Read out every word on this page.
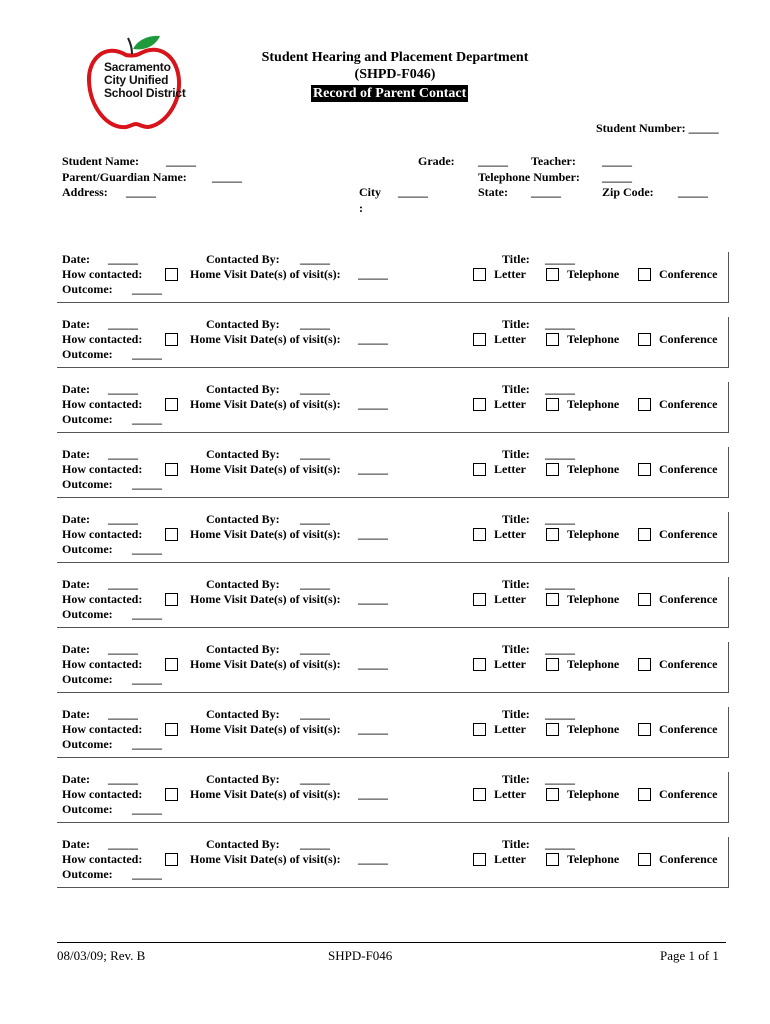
Sacramento
City Unified
School District
Student Hearing and Placement Department
(SHPD-F046)
Record of Parent Contact
Student Number: _____
Student Name: _____
Parent/Guardian Name: _____
Address: _____
Grade: _____ Teacher: _____
Telephone Number: _____
City
:
_____	State: _____	Zip Code: _____
Date: _____	Contacted By: _____	Title: _____
How contacted:	Home Visit Date(s) of visit(s): _____	Letter	Telephone	Conference
Outcome: _____
Date: _____	Contacted By: _____	Title: _____
How contacted:	Home Visit Date(s) of visit(s): _____	Letter	Telephone	Conference
Outcome: _____
Date: _____	Contacted By: _____	Title: _____
How contacted:	Home Visit Date(s) of visit(s): _____	Letter	Telephone	Conference
Outcome: _____
Date: _____	Contacted By: _____	Title: _____
How contacted:	Home Visit Date(s) of visit(s): _____	Letter	Telephone	Conference
Outcome: _____
Date: _____	Contacted By: _____	Title: _____
How contacted:	Home Visit Date(s) of visit(s): _____	Letter	Telephone	Conference
Outcome: _____
Date: _____	Contacted By: _____	Title: _____
How contacted:	Home Visit Date(s) of visit(s): _____	Letter	Telephone	Conference
Outcome: _____
Date: _____	Contacted By: _____	Title: _____
How contacted:	Home Visit Date(s) of visit(s): _____	Letter	Telephone	Conference
Outcome: _____
Date: _____	Contacted By: _____	Title: _____
How contacted:	Home Visit Date(s) of visit(s): _____	Letter	Telephone	Conference
Outcome: _____
Date: _____	Contacted By: _____	Title: _____
How contacted:	Home Visit Date(s) of visit(s): _____	Letter	Telephone	Conference
Outcome: _____
Date: _____	Contacted By: _____	Title: _____
How contacted:	Home Visit Date(s) of visit(s): _____	Letter	Telephone	Conference
Outcome: _____
08/03/09; Rev. B	SHPD-F046	Page 1 of 1
